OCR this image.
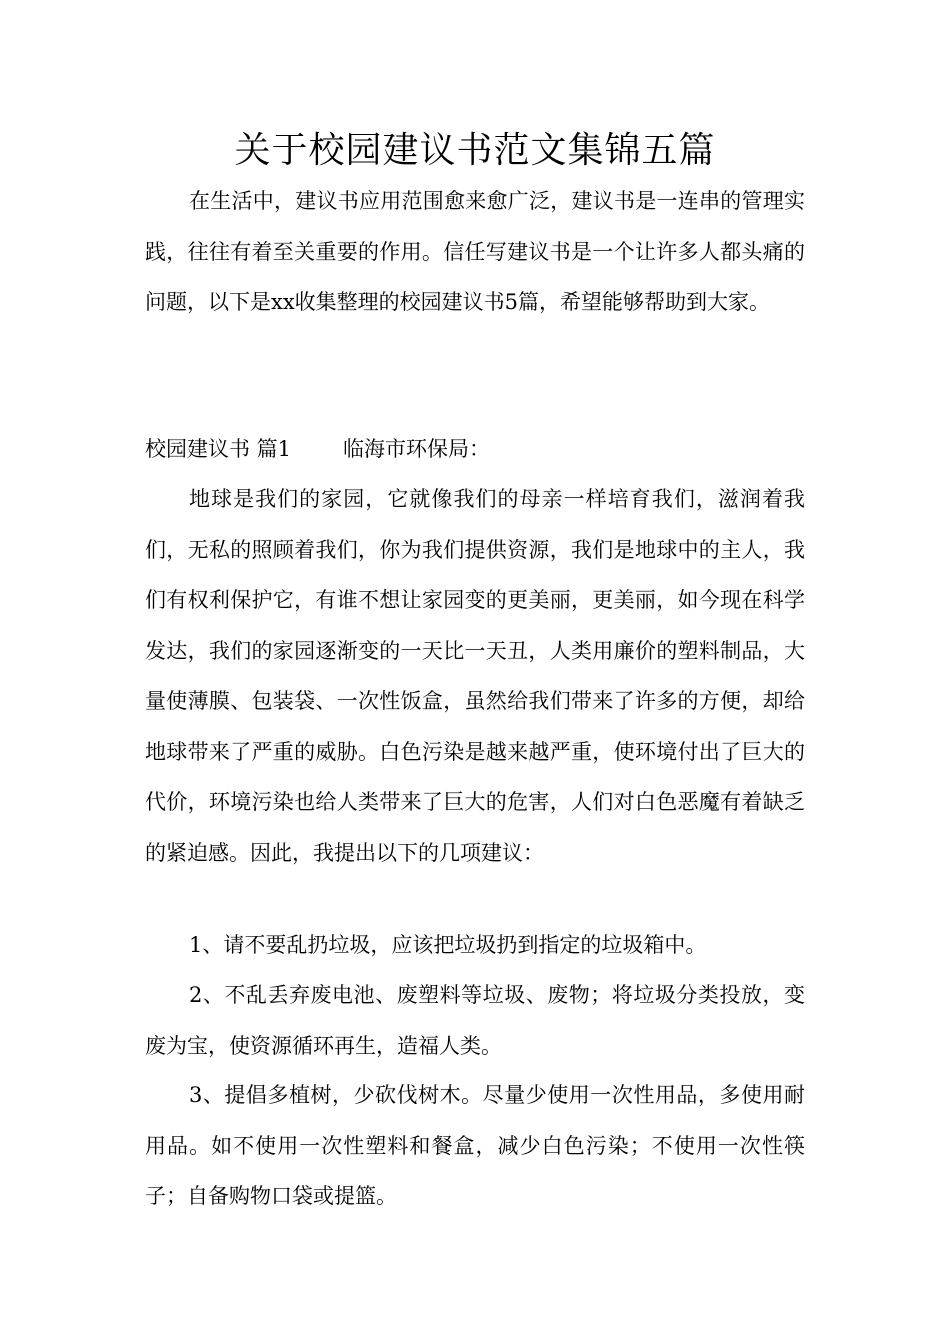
关于校园建议书范文集锦五篇

在生活中，建议书应用范围愈来愈广泛，建议书是一连串的管理实践，往往有着至关重要的作用。信任写建议书是一个让许多人都头痛的问题，以下是xx收集整理的校园建议书5篇，希望能够帮助到大家。

校园建议书 篇1 临海市环保局：

地球是我们的家园，它就像我们的母亲一样培育我们，滋润着我们，无私的照顾着我们，你为我们提供资源，我们是地球中的主人，我们有权利保护它，有谁不想让家园变的更美丽，更美丽，如今现在科学发达，我们的家园逐渐变的一天比一天丑，人类用廉价的塑料制品，大量使薄膜、包装袋、一次性饭盒，虽然给我们带来了许多的方便，却给地球带来了严重的威胁。白色污染是越来越严重，使环境付出了巨大的代价，环境污染也给人类带来了巨大的危害，人们对白色恶魔有着缺乏的紧迫感。因此，我提出以下的几项建议：

1、请不要乱扔垃圾，应该把垃圾扔到指定的垃圾箱中。

2、不乱丢弃废电池、废塑料等垃圾、废物；将垃圾分类投放，变废为宝，使资源循环再生，造福人类。

3、提倡多植树，少砍伐树木。尽量少使用一次性用品，多使用耐用品。如不使用一次性塑料和餐盒，减少白色污染；不使用一次性筷子；自备购物口袋或提篮。
